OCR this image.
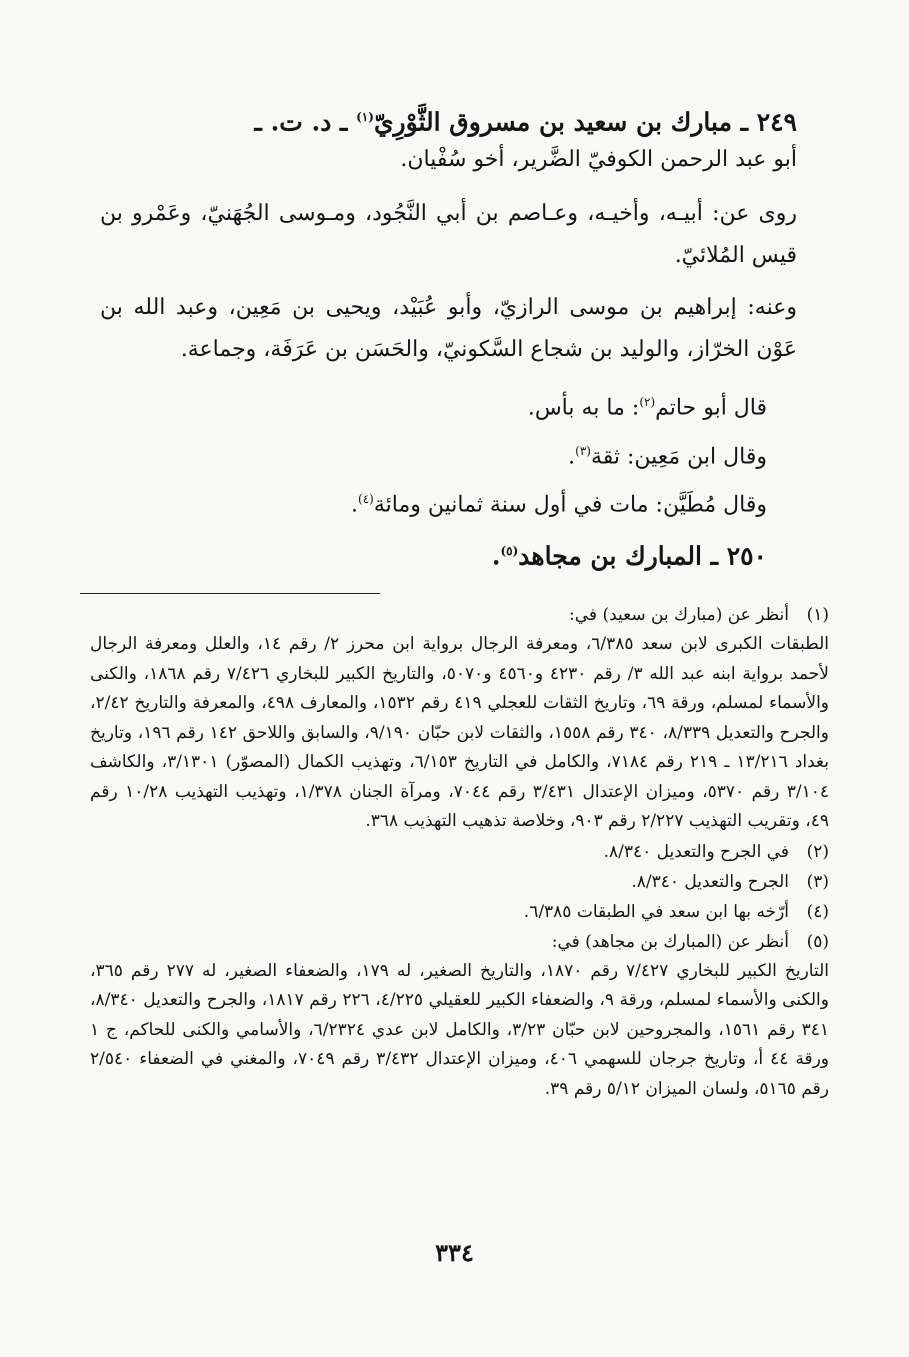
٢٤٩ ـ مبارك بن سعيد بن مسروق الثَّوْرِيّ$^{(١)}$ ـ د. ت. ـ

أبو عبد الرحمن الكوفيّ الضَّرير، أخو سُفْيان.

روى عن: أبيـه، وأخيـه، وعـاصم بن أبي النَّجُود، ومـوسى الجُهَنيّ، وعَمْرو بن قيس المُلائيّ.

وعنه: إبراهيم بن موسى الرازيّ، وأبو عُبَيْد، ويحيى بن مَعِين، وعبد الله بن عَوْن الخرّاز، والوليد بن شجاع السَّكونيّ، والحَسَن بن عَرَفَة، وجماعة.

قال أبو حاتم$^{(٢)}$: ما به بأس.

وقال ابن مَعِين: ثقة$^{(٣)}$.

وقال مُطَيَّن: مات في أول سنة ثمانين ومائة$^{(٤)}$.

٢٥٠ ـ المبارك بن مجاهد$^{(٥)}$.

(١)
أنظر عن (مبارك بن سعيد) في:

الطبقات الكبرى لابن سعد ٦/٣٨٥، ومعرفة الرجال برواية ابن محرز ٢/ رقم ١٤، والعلل ومعرفة الرجال لأحمد برواية ابنه عبد الله ٣/ رقم ٤٢٣٠ و٤٥٦٠ و٥٠٧٠، والتاريخ الكبير للبخاري ٧/٤٢٦ رقم ١٨٦٨، والكنى والأسماء لمسلم، ورقة ٦٩، وتاريخ الثقات للعجلي ٤١٩ رقم ١٥٣٢، والمعارف ٤٩٨، والمعرفة والتاريخ ٢/٤٢، والجرح والتعديل ٨/٣٣٩، ٣٤٠ رقم ١٥٥٨، والثقات لابن حبّان ٩/١٩٠، والسابق واللاحق ١٤٢ رقم ١٩٦، وتاريخ بغداد ١٣/٢١٦ ـ ٢١٩ رقم ٧١٨٤، والكامل في التاريخ ٦/١٥٣، وتهذيب الكمال (المصوّر) ٣/١٣٠١، والكاشف ٣/١٠٤ رقم ٥٣٧٠، وميزان الإعتدال ٣/٤٣١ رقم ٧٠٤٤، ومرآة الجنان ١/٣٧٨، وتهذيب التهذيب ١٠/٢٨ رقم ٤٩، وتقريب التهذيب ٢/٢٢٧ رقم ٩٠٣، وخلاصة تذهيب التهذيب ٣٦٨.

(٢)
في الجرح والتعديل ٨/٣٤٠.

(٣)
الجرح والتعديل ٨/٣٤٠.

(٤)
أرّخه بها ابن سعد في الطبقات ٦/٣٨٥.

(٥)
أنظر عن (المبارك بن مجاهد) في:

التاريخ الكبير للبخاري ٧/٤٢٧ رقم ١٨٧٠، والتاريخ الصغير، له ١٧٩، والضعفاء الصغير، له ٢٧٧ رقم ٣٦٥، والكنى والأسماء لمسلم، ورقة ٩، والضعفاء الكبير للعقيلي ٤/٢٢٥، ٢٢٦ رقم ١٨١٧، والجرح والتعديل ٨/٣٤٠، ٣٤١ رقم ١٥٦١، والمجروحين لابن حبّان ٣/٢٣، والكامل لابن عدي ٦/٢٣٢٤، والأسامي والكنى للحاكم، ج ١ ورقة ٤٤ أ، وتاريخ جرجان للسهمي ٤٠٦، وميزان الإعتدال ٣/٤٣٢ رقم ٧٠٤٩، والمغني في الضعفاء ٢/٥٤٠ رقم ٥١٦٥، ولسان الميزان ٥/١٢ رقم ٣٩.

٣٣٤
